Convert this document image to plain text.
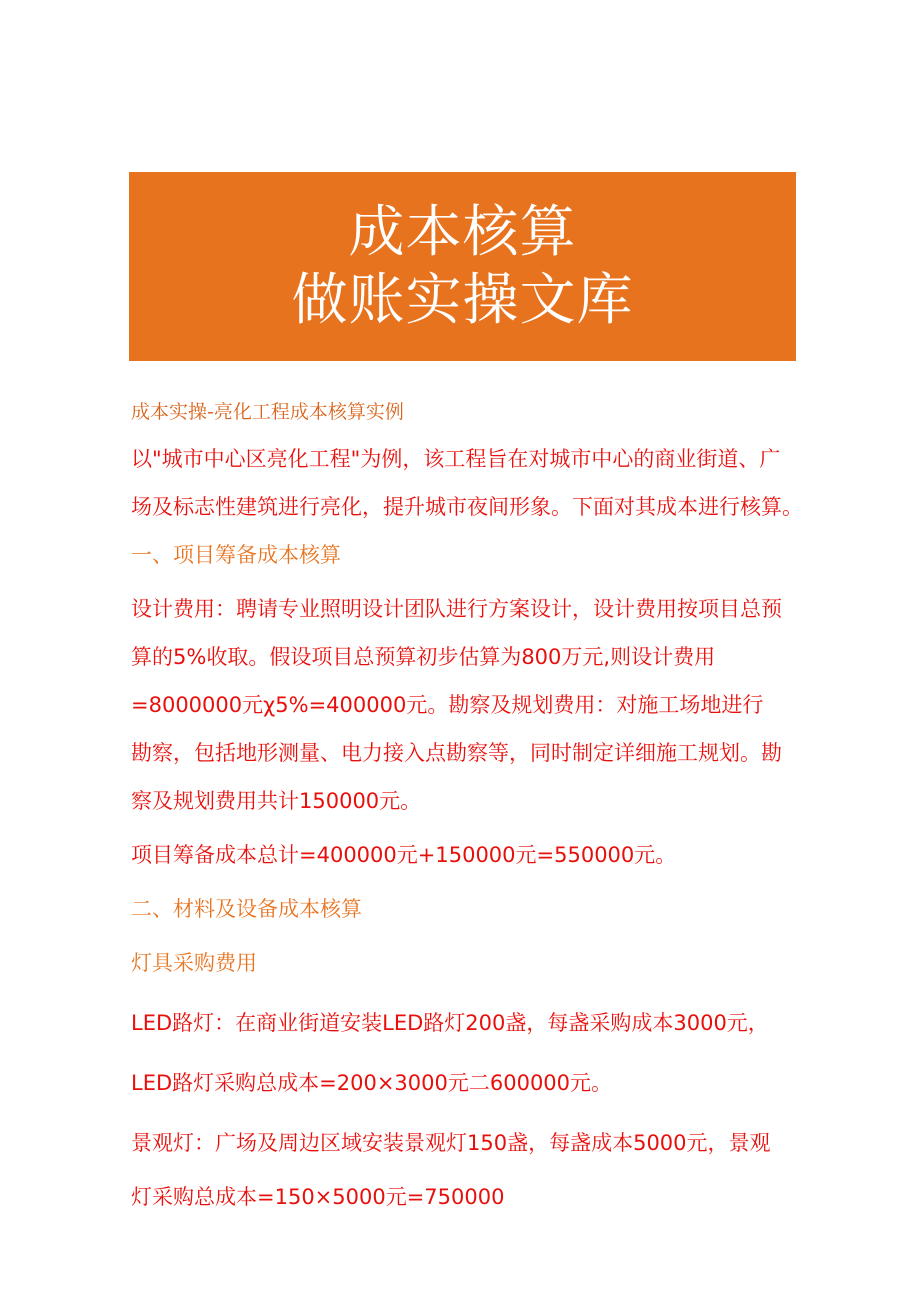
成本核算
做账实操文库

成本实操-亮化工程成本核算实例

以"城市中心区亮化工程"为例，该工程旨在对城市中心的商业街道、广

场及标志性建筑进行亮化，提升城市夜间形象。下面对其成本进行核算。

一、项目筹备成本核算

设计费用：聘请专业照明设计团队进行方案设计，设计费用按项目总预

算的5%收取。假设项目总预算初步估算为800万元,则设计费用

=8000000元χ5%=400000元。勘察及规划费用：对施工场地进行

勘察，包括地形测量、电力接入点勘察等，同时制定详细施工规划。勘

察及规划费用共计150000元。

项目筹备成本总计=400000元+150000元=550000元。

二、材料及设备成本核算

灯具采购费用

LED路灯：在商业街道安装LED路灯200盏，每盏采购成本3000元，

LED路灯采购总成本=200×3000元二600000元。

景观灯：广场及周边区域安装景观灯150盏，每盏成本5000元，景观

灯采购总成本=150×5000元=750000
